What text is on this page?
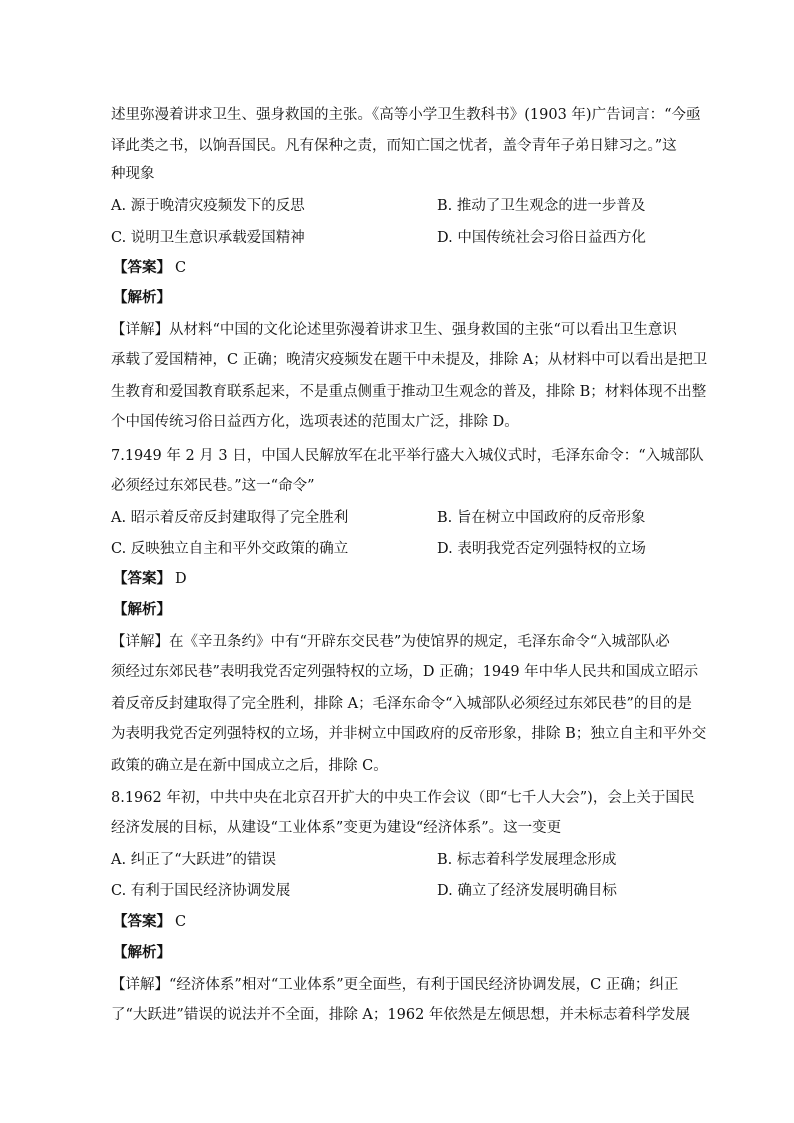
述里弥漫着讲求卫生、强身救国的主张。《高等小学卫生教科书》(1903 年)广告词言：“今亟
译此类之书，以饷吾国民。凡有保种之责，而知亡国之忧者，盖令青年子弟日肄习之。”这
种现象
A. 源于晚清灾疫频发下的反思	B. 推动了卫生观念的进一步普及
C. 说明卫生意识承载爱国精神	D. 中国传统社会习俗日益西方化
【答案】 C
【解析】
【详解】从材料“中国的文化论述里弥漫着讲求卫生、强身救国的主张“可以看出卫生意识
承载了爱国精神，C 正确；晚清灾疫频发在题干中未提及，排除 A；从材料中可以看出是把卫
生教育和爱国教育联系起来，不是重点侧重于推动卫生观念的普及，排除 B；材料体现不出整
个中国传统习俗日益西方化，选项表述的范围太广泛，排除 D。
7.1949 年 2 月 3 日，中国人民解放军在北平举行盛大入城仪式时，毛泽东命令：“入城部队
必须经过东郊民巷。”这一“命令”
A. 昭示着反帝反封建取得了完全胜利	B. 旨在树立中国政府的反帝形象
C. 反映独立自主和平外交政策的确立	D. 表明我党否定列强特权的立场
【答案】 D
【解析】
【详解】在《辛丑条约》中有“开辟东交民巷”为使馆界的规定，毛泽东命令“入城部队必
须经过东郊民巷”表明我党否定列强特权的立场，D 正确；1949 年中华人民共和国成立昭示
着反帝反封建取得了完全胜利，排除 A；毛泽东命令“入城部队必须经过东郊民巷”的目的是
为表明我党否定列强特权的立场，并非树立中国政府的反帝形象，排除 B；独立自主和平外交
政策的确立是在新中国成立之后，排除 C。
8.1962 年初，中共中央在北京召开扩大的中央工作会议（即“七千人大会”)，会上关于国民
经济发展的目标，从建设“工业体系”变更为建设“经济体系”。这一变更
A. 纠正了“大跃进”的错误	B. 标志着科学发展理念形成
C. 有利于国民经济协调发展	D. 确立了经济发展明确目标
【答案】 C
【解析】
【详解】“经济体系”相对“工业体系”更全面些，有利于国民经济协调发展，C 正确；纠正
了“大跃进”错误的说法并不全面，排除 A；1962 年依然是左倾思想，并未标志着科学发展
